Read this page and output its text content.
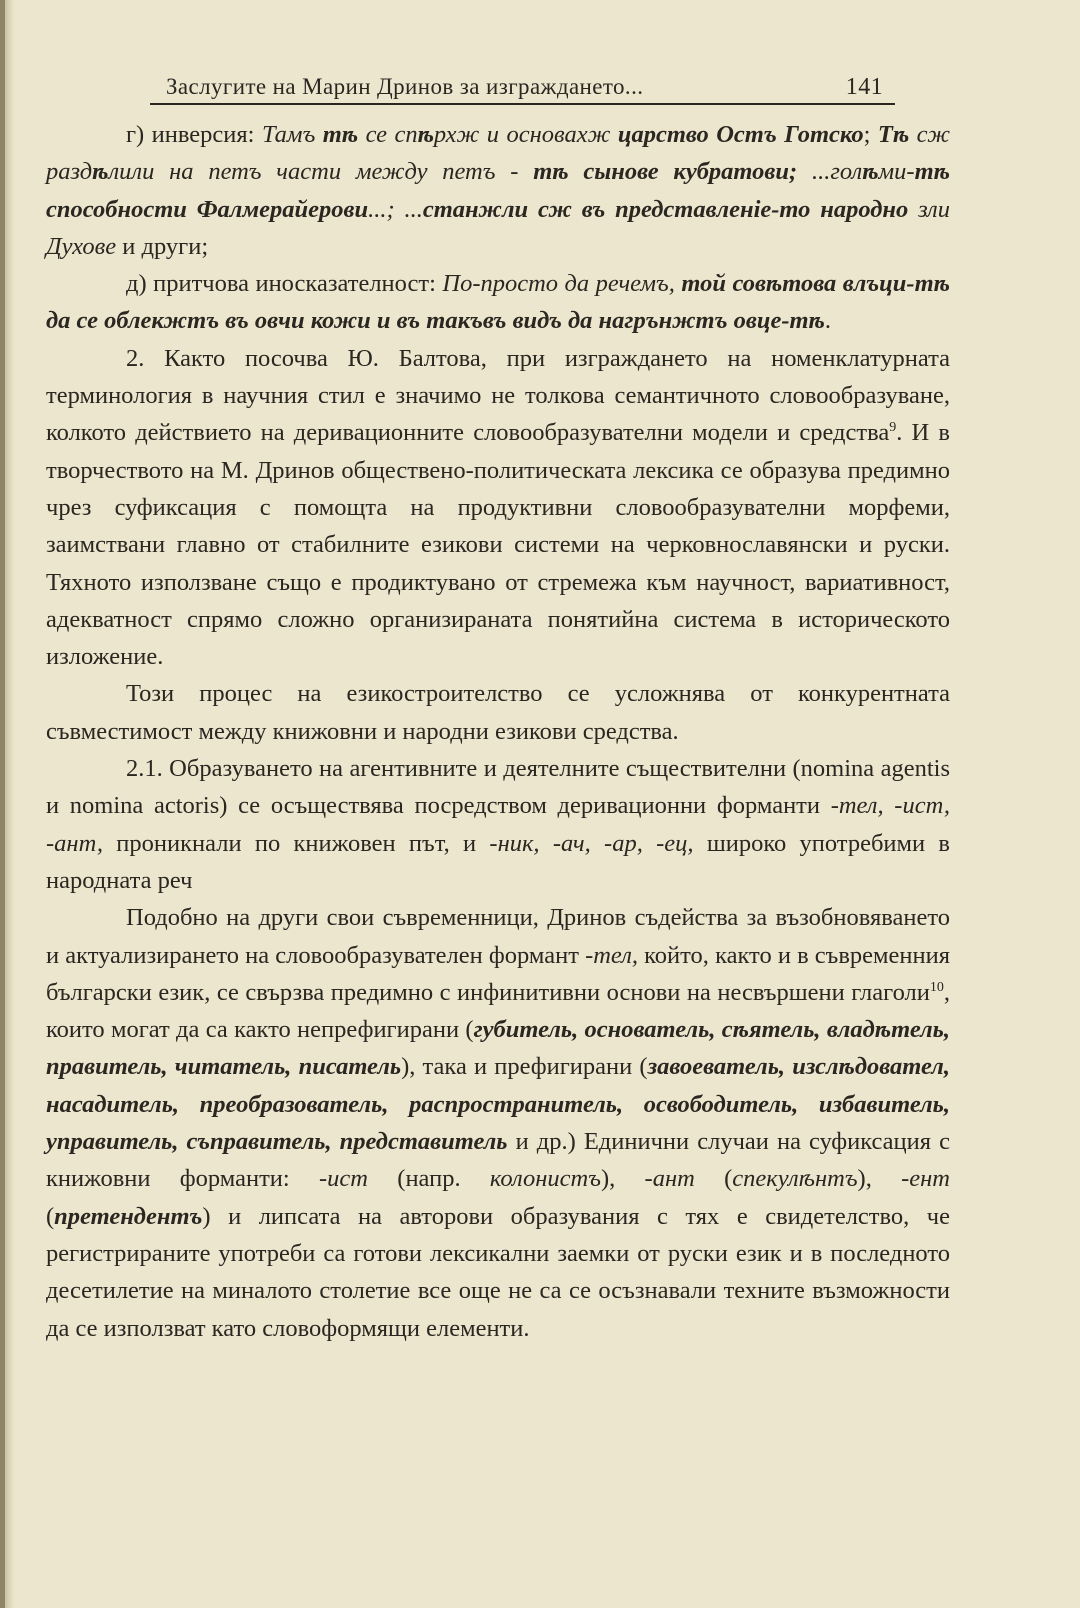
Заслугите на Марин Дринов за изграждането...	141

г) инверсия: Тамъ тѣ се спѣрхж и основахж царство Остъ Готско; Тѣ сж раздѣлили на петъ части между петъ - тѣ сынове кубратови; ...голѣми-тѣ способности Фалмерайерови...; ...станжли сж въ представленіе-то народно зли Духове и други;

д) притчова иносказателност: По-просто да речемъ, той совѣтова влъци-тѣ да се облекжтъ въ овчи кожи и въ такъвъ видъ да нагрънжтъ овце-тѣ.

2. Както посочва Ю. Балтова, при изграждането на номенклатурната терминология в научния стил е значимо не толкова семантичното словообразуване, колкото действието на деривационните словообразувателни модели и средства$^9$. И в творчеството на М. Дринов обществено-политическата лексика се образува предимно чрез суфиксация с помощта на продуктивни словообразувателни морфеми, заимствани главно от стабилните езикови системи на черковнославянски и руски. Тяхното използване също е продиктувано от стремежа към научност, вариативност, адекватност спрямо сложно организираната понятийна система в историческото изложение.

Този процес на езикостроителство се усложнява от конкурентната съвместимост между книжовни и народни езикови средства.

2.1. Образуването на агентивните и деятелните съществителни (nomina agentis и nomina actoris) се осъществява посредством деривационни форманти -тел, -ист, -ант, проникнали по книжовен път, и -ник, -ач, -ар, -ец, широко употребими в народната реч

Подобно на други свои съвременници, Дринов съдейства за възобновяването и актуализирането на словообразувателен формант -тел, който, както и в съвременния български език, се свързва предимно с инфинитивни основи на несвършени глаголи$^{10}$, които могат да са както непрефигирани (губитель, основатель, сѣятель, владѣтель, правитель, читатель, писатель), така и префигирани (завоеватель, изслѣдовател, насадитель, преобразователь, распространитель, освободитель, избавитель, управитель, съправитель, представитель и др.) Единични случаи на суфиксация с книжовни форманти: -ист (напр. колонистъ), -ант (спекулѣнтъ), -ент (претендентъ) и липсата на авторови образувания с тях е свидетелство, че регистрираните употреби са готови лексикални заемки от руски език и в последното десетилетие на миналото столетие все още не са се осъзнавали техните възможности да се използват като словоформящи елементи.
